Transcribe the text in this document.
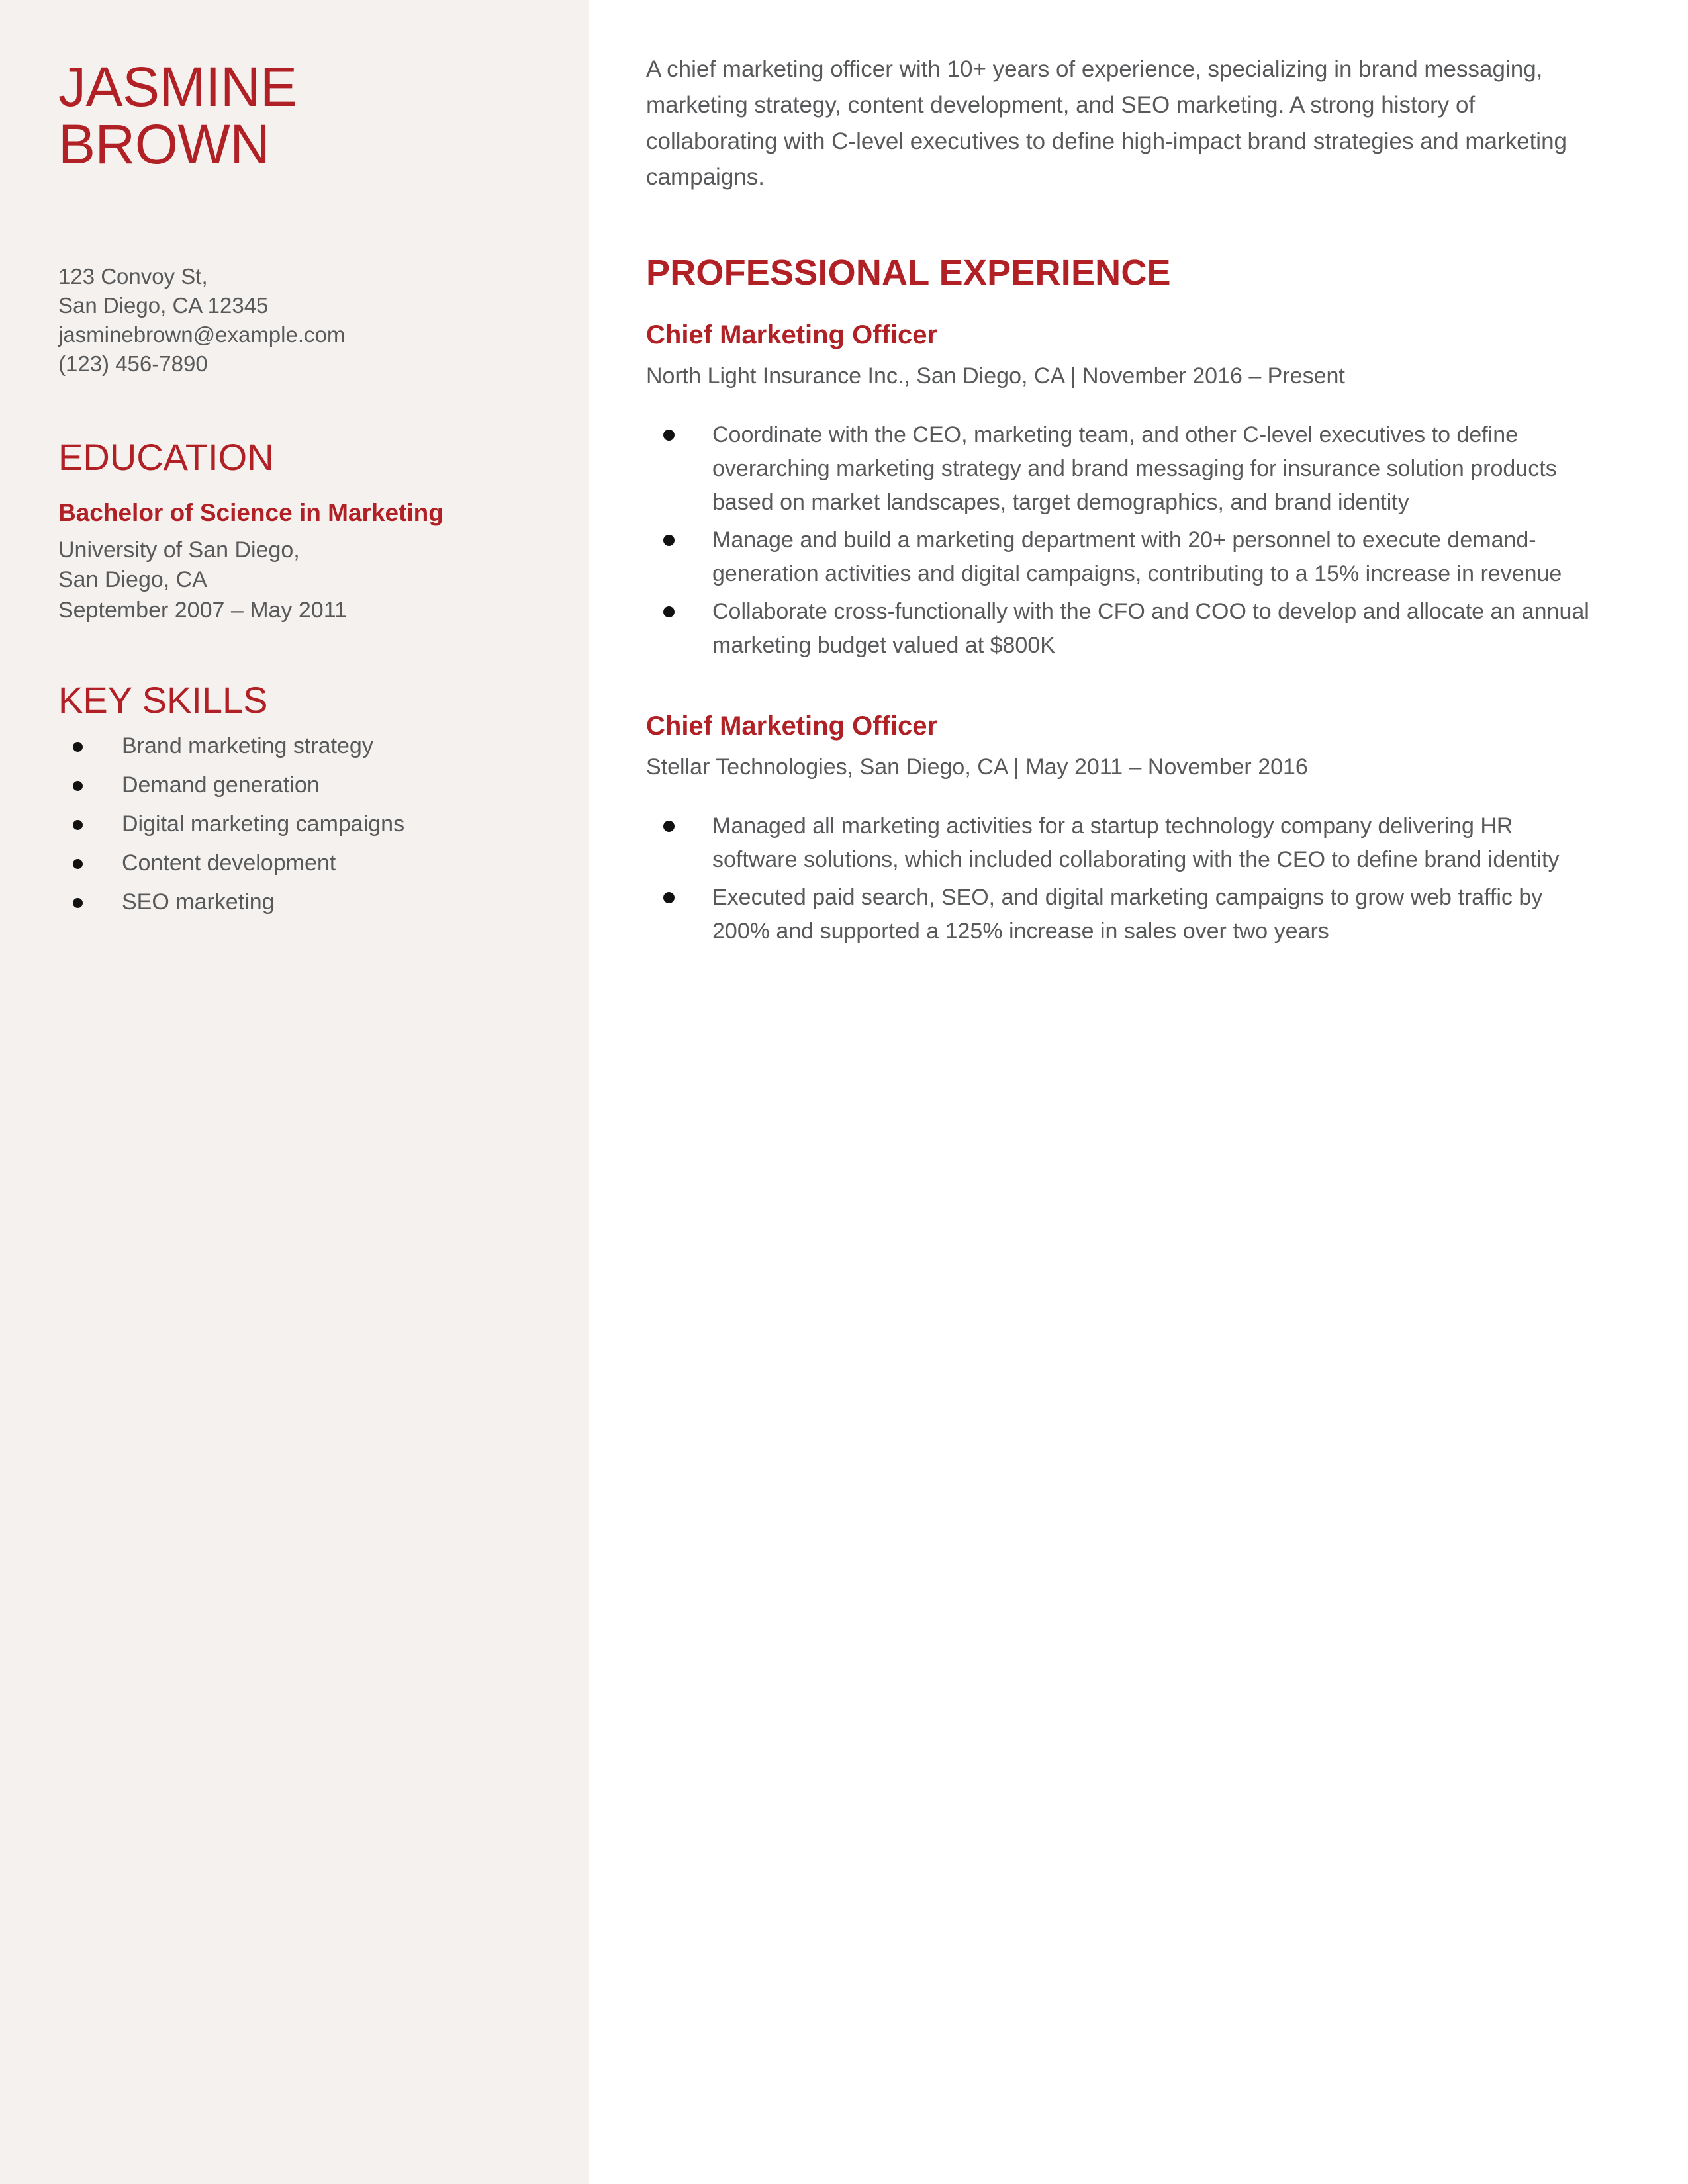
JASMINE
BROWN
123 Convoy St,
San Diego, CA 12345
jasminebrown@example.com
(123) 456-7890
EDUCATION
Bachelor of Science in Marketing
University of San Diego,
San Diego, CA
September 2007 – May 2011
KEY SKILLS
Brand marketing strategy
Demand generation
Digital marketing campaigns
Content development
SEO marketing
A chief marketing officer with 10+ years of experience, specializing in brand messaging, marketing strategy, content development, and SEO marketing. A strong history of collaborating with C-level executives to define high-impact brand strategies and marketing campaigns.
PROFESSIONAL EXPERIENCE
Chief Marketing Officer
North Light Insurance Inc., San Diego, CA | November 2016 – Present
Coordinate with the CEO, marketing team, and other C-level executives to define overarching marketing strategy and brand messaging for insurance solution products based on market landscapes, target demographics, and brand identity
Manage and build a marketing department with 20+ personnel to execute demand-generation activities and digital campaigns, contributing to a 15% increase in revenue
Collaborate cross-functionally with the CFO and COO to develop and allocate an annual marketing budget valued at $800K
Chief Marketing Officer
Stellar Technologies, San Diego, CA | May 2011 – November 2016
Managed all marketing activities for a startup technology company delivering HR software solutions, which included collaborating with the CEO to define brand identity
Executed paid search, SEO, and digital marketing campaigns to grow web traffic by 200% and supported a 125% increase in sales over two years
